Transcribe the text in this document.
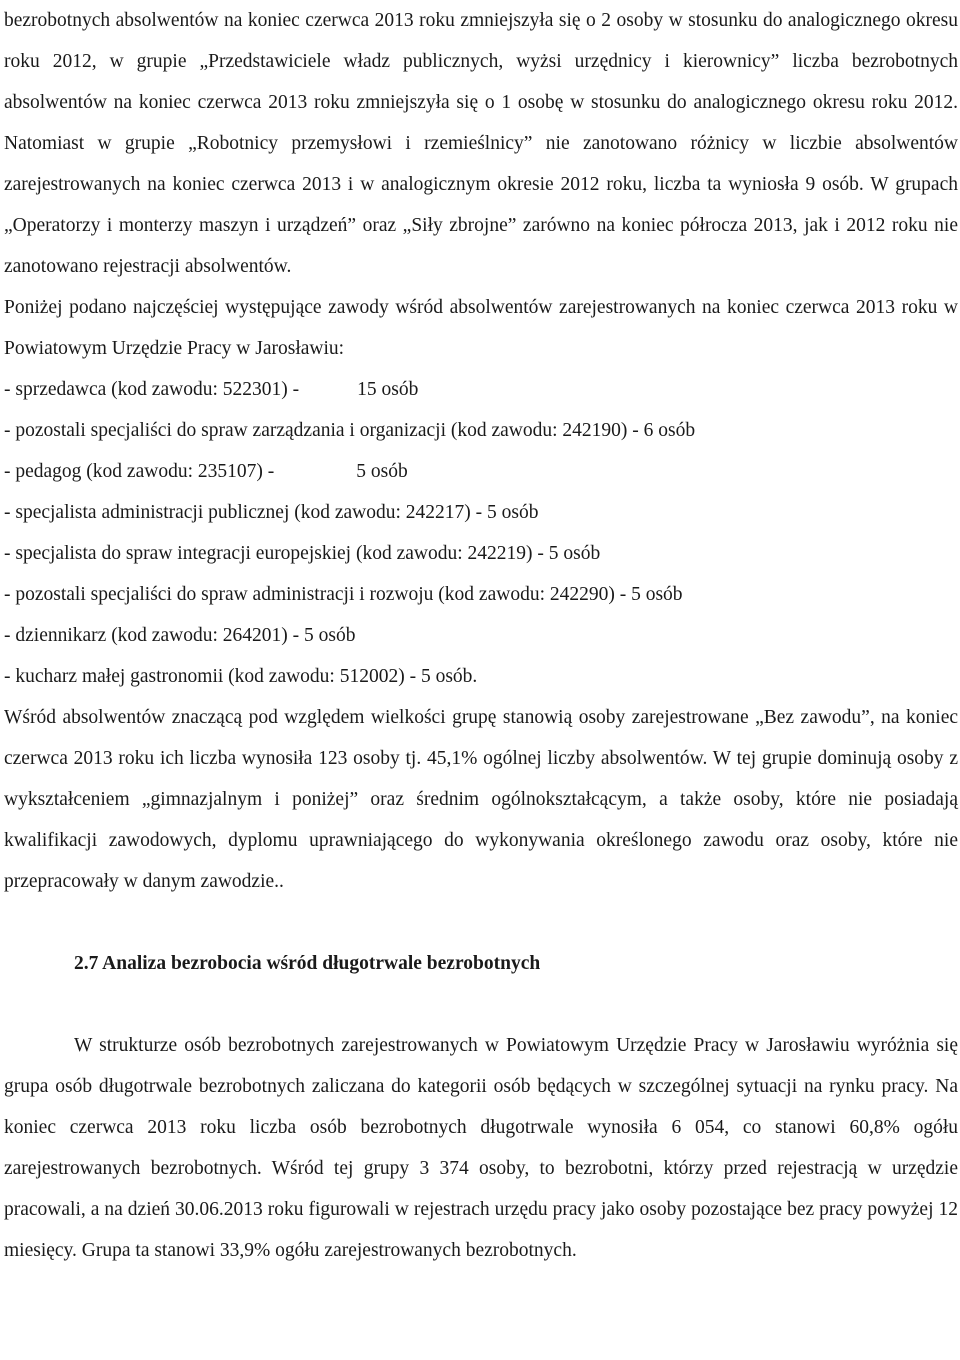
bezrobotnych absolwentów na koniec czerwca 2013 roku zmniejszyła się o 2 osoby w stosunku do analogicznego okresu roku 2012, w grupie „Przedstawiciele władz publicznych, wyżsi urzędnicy i kierownicy” liczba bezrobotnych absolwentów na koniec czerwca 2013 roku zmniejszyła się o 1 osobę w stosunku do analogicznego okresu roku 2012. Natomiast w grupie „Robotnicy przemysłowi i rzemieślnicy” nie zanotowano różnicy w liczbie absolwentów zarejestrowanych na koniec czerwca 2013 i w analogicznym okresie 2012 roku, liczba ta wyniosła 9 osób. W grupach „Operatorzy i monterzy maszyn i urządzeń” oraz „Siły zbrojne” zarówno na koniec półrocza 2013, jak i 2012 roku nie zanotowano rejestracji absolwentów.

Poniżej podano najczęściej występujące zawody wśród absolwentów zarejestrowanych na koniec czerwca 2013 roku w Powiatowym Urzędzie Pracy w Jarosławiu:

- sprzedawca (kod zawodu: 522301) -	15 osób
- pozostali specjaliści do spraw zarządzania i organizacji (kod zawodu: 242190) - 6 osób
- pedagog (kod zawodu: 235107) -	5 osób
- specjalista administracji publicznej (kod zawodu: 242217) - 5 osób
- specjalista do spraw integracji europejskiej (kod zawodu: 242219) - 5 osób
- pozostali specjaliści do spraw administracji i rozwoju (kod zawodu: 242290) - 5 osób
- dziennikarz (kod zawodu: 264201) - 5 osób
- kucharz małej gastronomii (kod zawodu: 512002) - 5 osób.

Wśród absolwentów znaczącą pod względem wielkości grupę stanowią osoby zarejestrowane „Bez zawodu”, na koniec czerwca 2013 roku ich liczba wynosiła 123 osoby tj. 45,1% ogólnej liczby absolwentów. W tej grupie dominują osoby z wykształceniem „gimnazjalnym i poniżej” oraz średnim ogólnokształcącym, a także osoby, które nie posiadają kwalifikacji zawodowych, dyplomu uprawniającego do wykonywania określonego zawodu oraz osoby, które nie przepracowały w danym zawodzie..

2.7 Analiza bezrobocia wśród długotrwale bezrobotnych

W strukturze osób bezrobotnych zarejestrowanych w Powiatowym Urzędzie Pracy w Jarosławiu wyróżnia się grupa osób długotrwale bezrobotnych zaliczana do kategorii osób będących w szczególnej sytuacji na rynku pracy. Na koniec czerwca 2013 roku liczba osób bezrobotnych długotrwale wynosiła 6 054, co stanowi 60,8% ogółu zarejestrowanych bezrobotnych. Wśród tej grupy 3 374 osoby, to bezrobotni, którzy przed rejestracją w urzędzie pracowali, a na dzień 30.06.2013 roku figurowali w rejestrach urzędu pracy jako osoby pozostające bez pracy powyżej 12 miesięcy. Grupa ta stanowi 33,9% ogółu zarejestrowanych bezrobotnych.
